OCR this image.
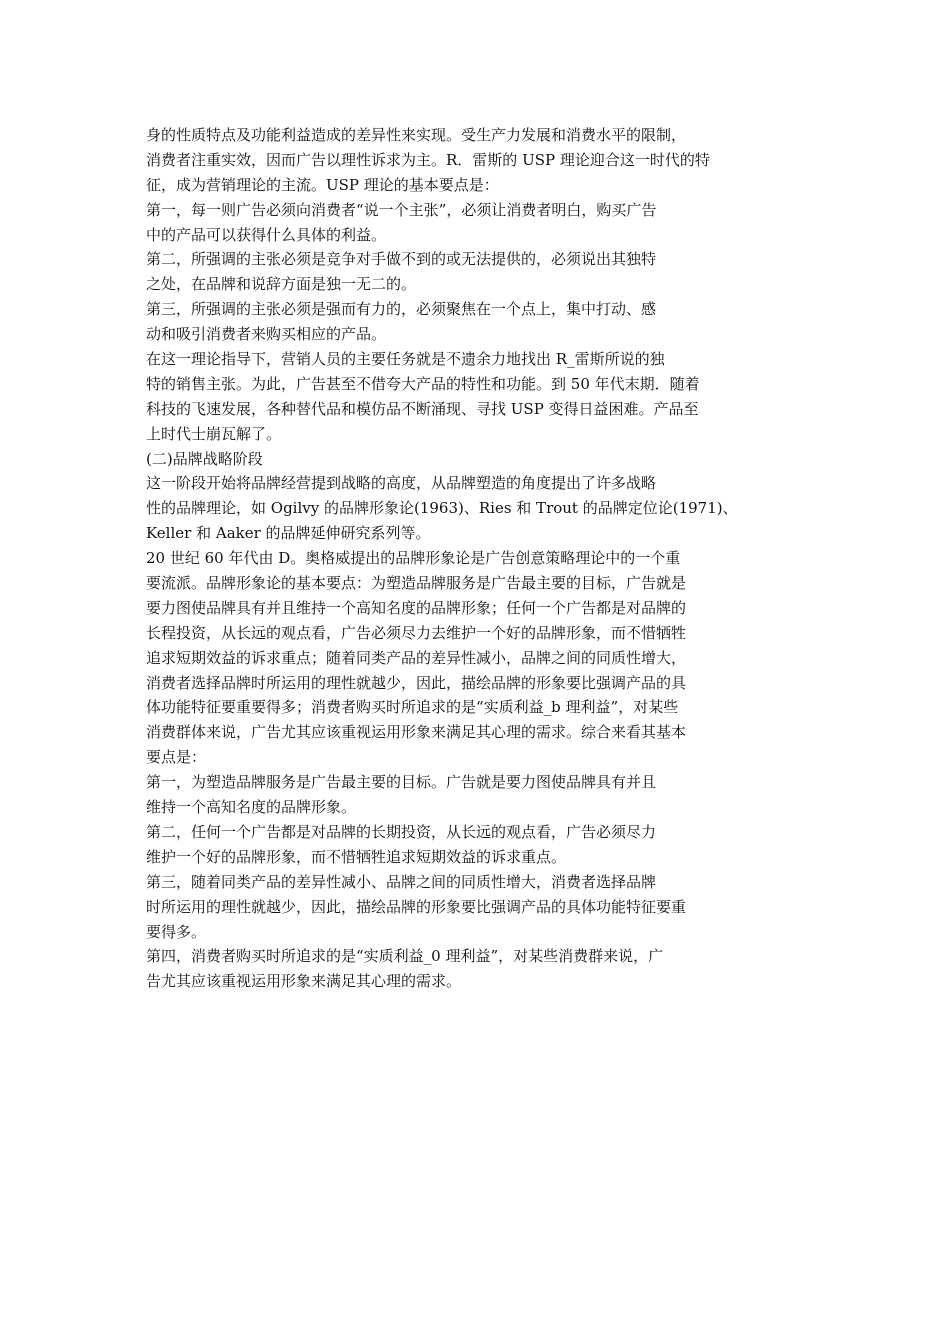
身的性质特点及功能利益造成的差异性来实现。受生产力发展和消费水平的限制，
消费者注重实效，因而广告以理性诉求为主。R．雷斯的 USP 理论迎合这一时代的特
征，成为营销理论的主流。USP 理论的基本要点是：
第一，每一则广告必须向消费者“说一个主张”，必须让消费者明白，购买广告
中的产品可以获得什么具体的利益。
第二，所强调的主张必须是竞争对手做不到的或无法提供的，必须说出其独特
之处，在品牌和说辞方面是独一无二的。
第三，所强调的主张必须是强而有力的，必须聚焦在一个点上，集中打动、感
动和吸引消费者来购买相应的产品。
在这一理论指导下，营销人员的主要任务就是不遗余力地找出 R_雷斯所说的独
特的销售主张。为此，广告甚至不借夸大产品的特性和功能。到 50 年代末期．随着
科技的飞速发展，各种替代品和模仿品不断涌现、寻找 USP 变得日益困难。产品至
上时代士崩瓦解了。
(二)品牌战略阶段
这一阶段开始将品牌经营提到战略的高度，从品牌塑造的角度提出了许多战略
性的品牌理论，如 Ogilvy 的品牌形象论(1963)、Ries 和 Trout 的品牌定位论(1971)、
Keller 和 Aaker 的品牌延伸研究系列等。
20 世纪 60 年代由 D。奥格威提出的品牌形象论是广告创意策略理论中的一个重
要流派。品牌形象论的基本要点：为塑造品牌服务是广告最主要的目标，广告就是
要力图使品牌具有并且维持一个高知名度的品牌形象；任何一个广告都是对品牌的
长程投资，从长远的观点看，广告必须尽力去维护一个好的品牌形象，而不惜牺牲
追求短期效益的诉求重点；随着同类产品的差异性减小，品牌之间的同质性增大，
消费者选择品牌时所运用的理性就越少，因此，描绘品牌的形象要比强调产品的具
体功能特征要重要得多；消费者购买时所追求的是“实质利益_b 理利益”，对某些
消费群体来说，广告尤其应该重视运用形象来满足其心理的需求。综合来看其基本
要点是：
第一，为塑造品牌服务是广告最主要的目标。广告就是要力图使品牌具有并且
维持一个高知名度的品牌形象。
第二，任何一个广告都是对品牌的长期投资，从长远的观点看，广告必须尽力
维护一个好的品牌形象，而不惜牺牲追求短期效益的诉求重点。
第三，随着同类产品的差异性减小、品牌之间的同质性增大，消费者选择品牌
时所运用的理性就越少，因此，描绘品牌的形象要比强调产品的具体功能特征要重
要得多。
第四，消费者购买时所追求的是“实质利益_0 理利益”，对某些消费群来说，广
告尤其应该重视运用形象来满足其心理的需求。
